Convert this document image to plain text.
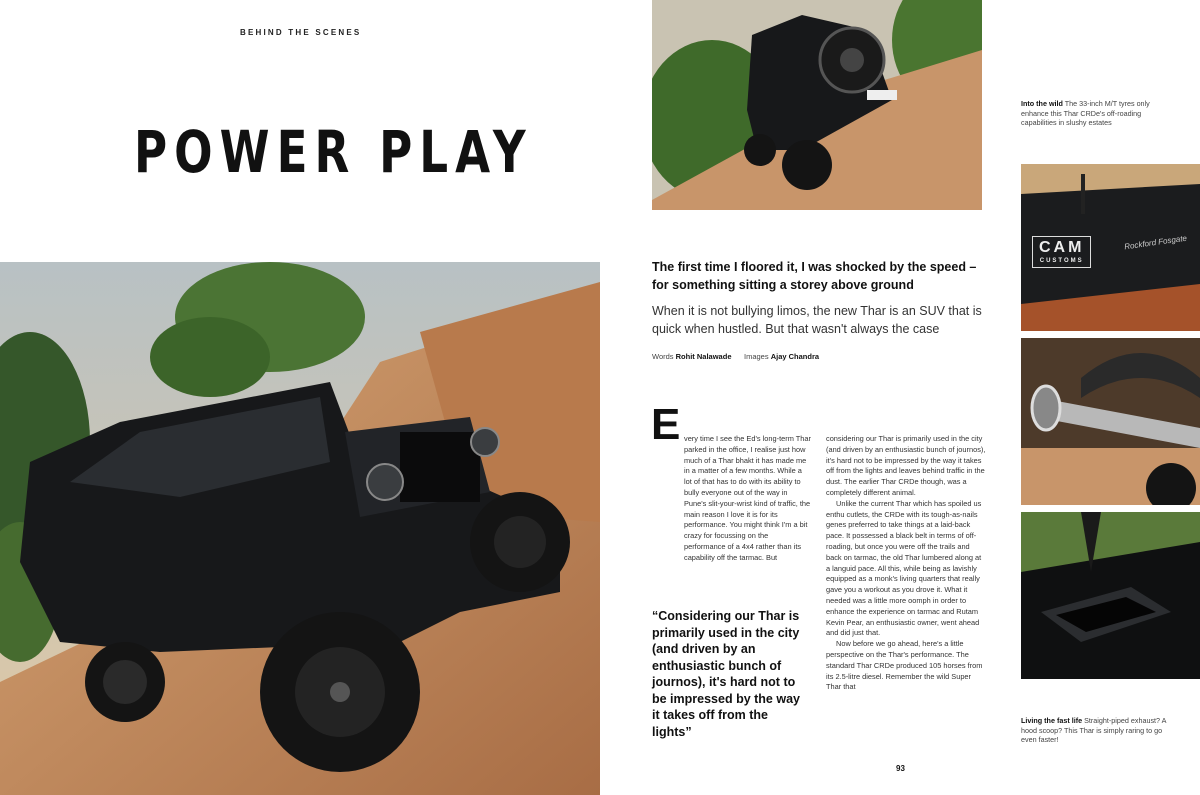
BEHIND THE SCENES
POWER PLAY
Into the wild The 33-inch M/T tyres only enhance this Thar CRDe's off-roading capabilities in slushy estates
CAM
CUSTOMS
Rockford Fosgate
Living the fast life Straight-piped exhaust? A hood scoop? This Thar is simply raring to go even faster!
The first time I floored it, I was shocked by the speed – for something sitting a storey above ground
When it is not bullying limos, the new Thar is an SUV that is quick when hustled. But that wasn't always the case
Words Rohit Nalawade Images Ajay Chandra
E very time I see the Ed's long-term Thar parked in the office, I realise just how much of a Thar bhakt it has made me in a matter of a few months. While a lot of that has to do with its ability to bully everyone out of the way in Pune's slit-your-wrist kind of traffic, the main reason I love it is for its performance. You might think I'm a bit crazy for focussing on the performance of a 4x4 rather than its capability off the tarmac. But

considering our Thar is primarily used in the city (and driven by an enthusiastic bunch of journos), it's hard not to be impressed by the way it takes off from the lights and leaves behind traffic in the dust. The earlier Thar CRDe though, was a completely different animal.

Unlike the current Thar which has spoiled us enthu cutlets, the CRDe with its tough-as-nails genes preferred to take things at a laid-back pace. It possessed a black belt in terms of off-roading, but once you were off the trails and back on tarmac, the old Thar lumbered along at a languid pace. All this, while being as lavishly equipped as a monk's living quarters that really gave you a workout as you drove it. What it needed was a little more oomph in order to enhance the experience on tarmac and Rutam Kevin Pear, an enthusiastic owner, went ahead and did just that.

Now before we go ahead, here's a little perspective on the Thar's performance. The standard Thar CRDe produced 105 horses from its 2.5-litre diesel. Remember the wild Super Thar that

“Considering our Thar is primarily used in the city (and driven by an enthusiastic bunch of journos), it's hard not to be impressed by the way it takes off from the lights”
93
